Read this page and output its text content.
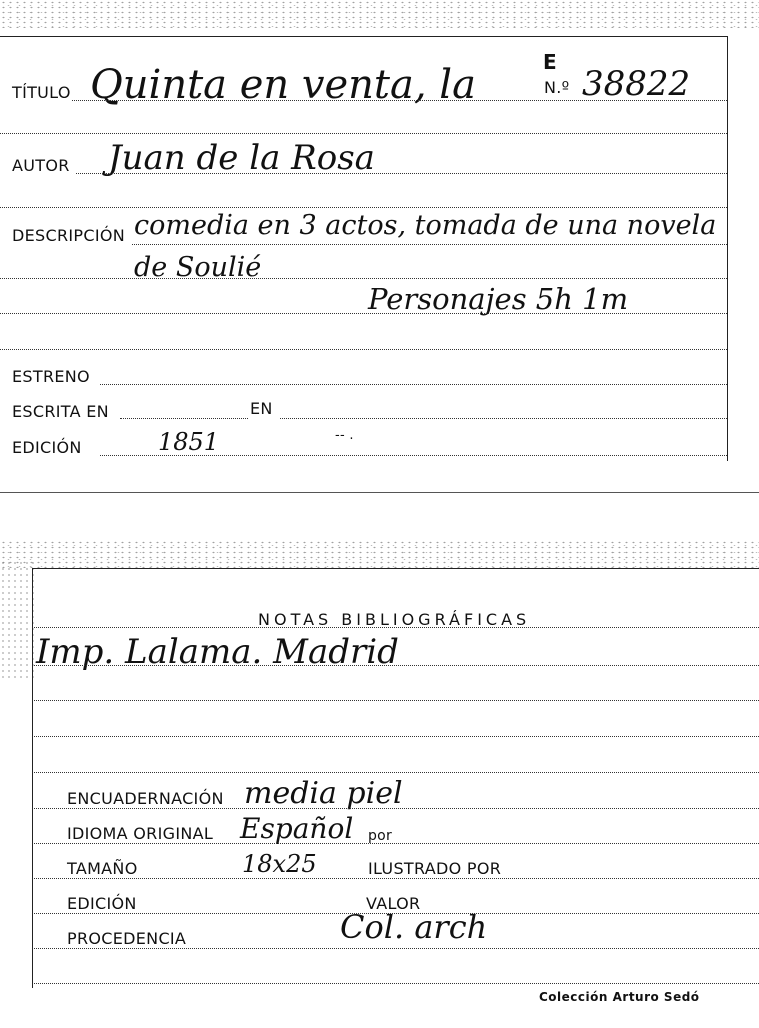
TÍTULO Quinta en venta, la	E
N.º 38822
AUTOR Juan de la Rosa
DESCRIPCIÓN comedia en 3 actos, tomada de una novela
de Soulié
Personajes 5h 1m
ESTRENO
ESCRITA EN	EN
EDICIÓN	1851	-- .
NOTAS BIBLIOGRÁFICAS
Imp. Lalama. Madrid
ENCUADERNACIÓN media piel
IDIOMA ORIGINAL Español por
TAMAÑO	18x25	ILUSTRADO POR
EDICIÓN	VALOR
PROCEDENCIA	Col. arch
Colección Arturo Sedó
